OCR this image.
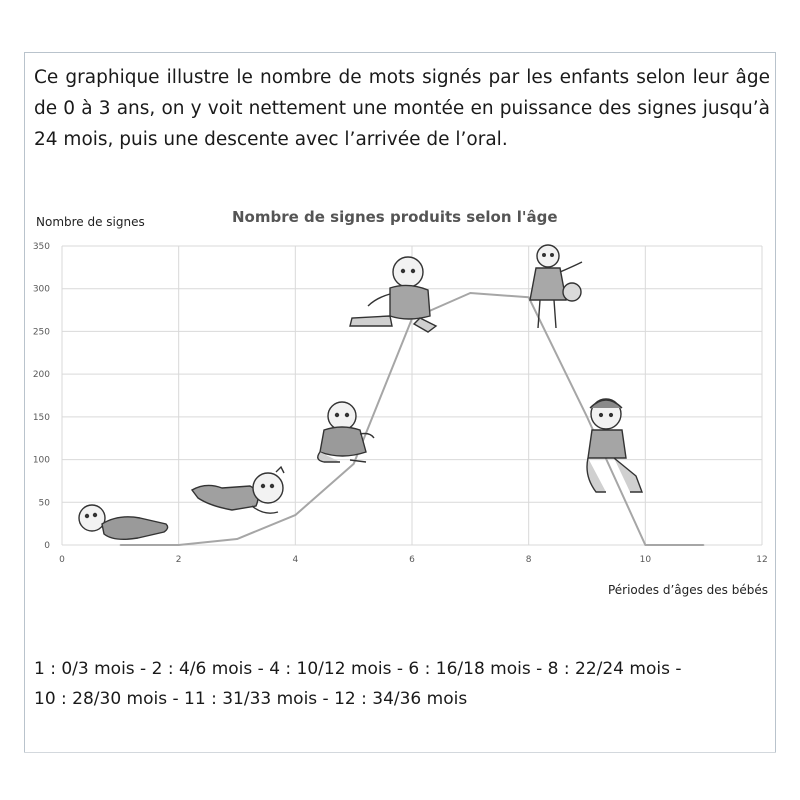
Ce graphique illustre le nombre de mots signés par les enfants selon leur âge de 0 à 3 ans, on y voit nettement une montée en puissance des signes jusqu’à 24 mois, puis une descente avec l’arrivée de l’oral.
Nombre de signes	Nombre de signes produits selon l'âge
Périodes d’âges des bébés
0
50
100
150
200
250
300
350
0	2	4	6	8	10	12
1 : 0/3 mois - 2 : 4/6 mois - 4 : 10/12 mois - 6 : 16/18 mois - 8 : 22/24 mois -
10 : 28/30 mois - 11 : 31/33 mois - 12 : 34/36 mois
